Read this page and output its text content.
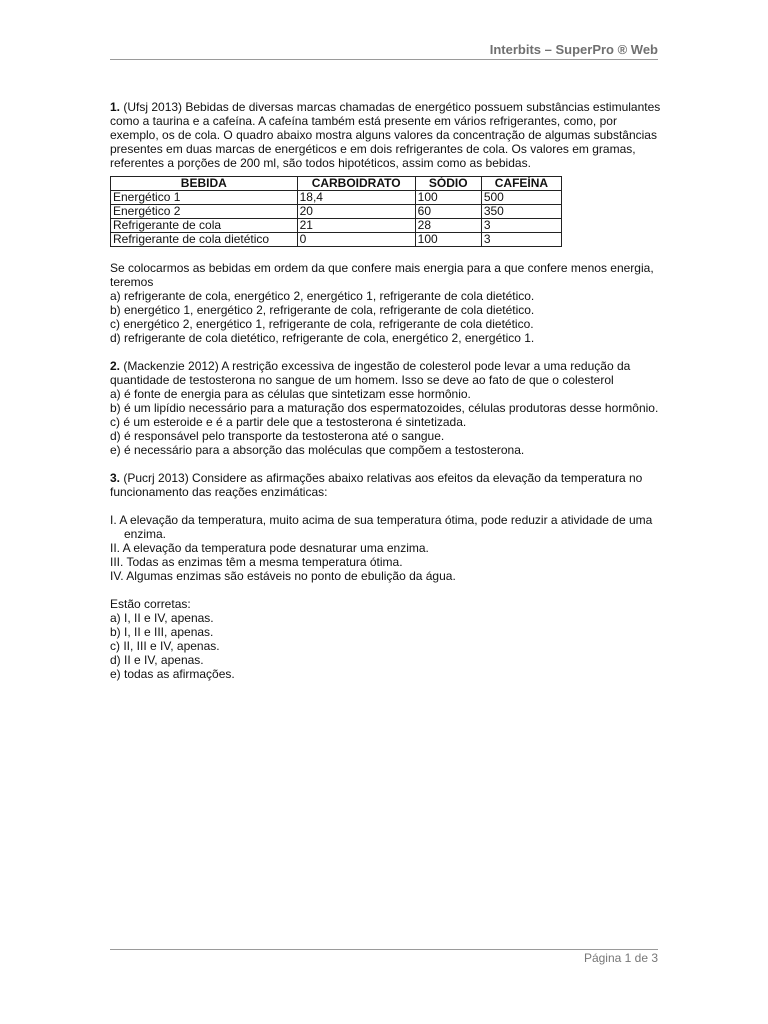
Interbits – SuperPro ® Web

1. (Ufsj 2013) Bebidas de diversas marcas chamadas de energético possuem substâncias estimulantes como a taurina e a cafeína. A cafeína também está presente em vários refrigerantes, como, por exemplo, os de cola. O quadro abaixo mostra alguns valores da concentração de algumas substâncias presentes em duas marcas de energéticos e em dois refrigerantes de cola. Os valores em gramas, referentes a porções de 200 ml, são todos hipotéticos, assim como as bebidas.

BEBIDA	CARBOIDRATO	SÓDIO	CAFEÍNA
Energético 1	18,4	100	500
Energético 2	20	60	350
Refrigerante de cola	21	28	3
Refrigerante de cola dietético	0	100	3

Se colocarmos as bebidas em ordem da que confere mais energia para a que confere menos energia, teremos

a) refrigerante de cola, energético 2, energético 1, refrigerante de cola dietético.

b) energético 1, energético 2, refrigerante de cola, refrigerante de cola dietético.

c) energético 2, energético 1, refrigerante de cola, refrigerante de cola dietético.

d) refrigerante de cola dietético, refrigerante de cola, energético 2, energético 1.

2. (Mackenzie 2012) A restrição excessiva de ingestão de colesterol pode levar a uma redução da quantidade de testosterona no sangue de um homem. Isso se deve ao fato de que o colesterol

a) é fonte de energia para as células que sintetizam esse hormônio.

b) é um lipídio necessário para a maturação dos espermatozoides, células produtoras desse hormônio.

c) é um esteroide e é a partir dele que a testosterona é sintetizada.

d) é responsável pelo transporte da testosterona até o sangue.

e) é necessário para a absorção das moléculas que compõem a testosterona.

3. (Pucrj 2013) Considere as afirmações abaixo relativas aos efeitos da elevação da temperatura no funcionamento das reações enzimáticas:

I. A elevação da temperatura, muito acima de sua temperatura ótima, pode reduzir a atividade de uma enzima.

II. A elevação da temperatura pode desnaturar uma enzima.

III. Todas as enzimas têm a mesma temperatura ótima.

IV. Algumas enzimas são estáveis no ponto de ebulição da água.

Estão corretas:

a) I, II e IV, apenas.

b) I, II e III, apenas.

c) II, III e IV, apenas.

d) II e IV, apenas.

e) todas as afirmações.

Página 1 de 3
